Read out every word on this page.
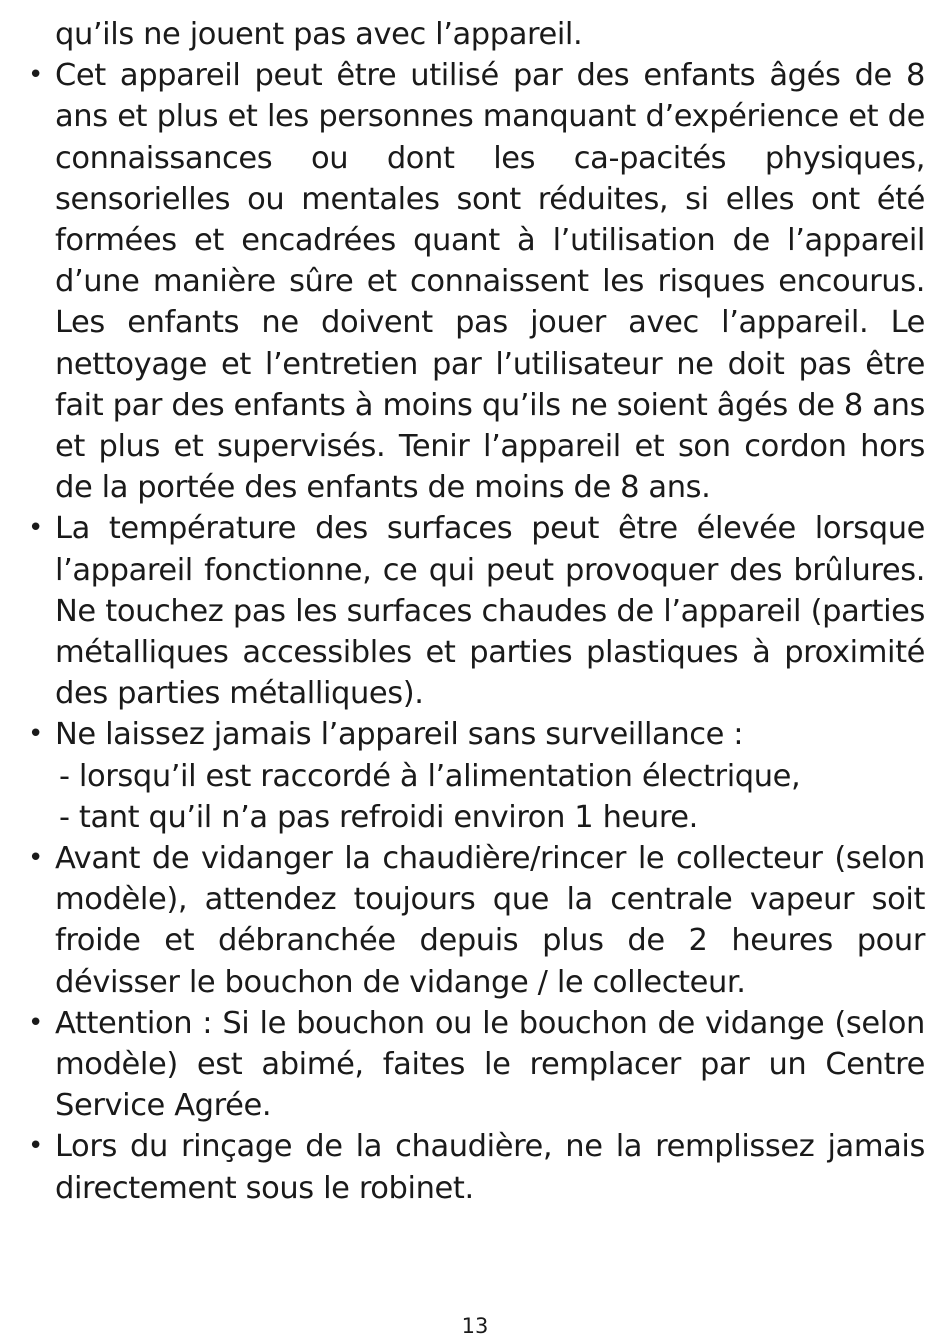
qu’ils ne jouent pas avec l’appareil.
• Cet appareil peut être utilisé par des enfants âgés de 8 ans et plus et les personnes manquant d’expérience et de connaissances ou dont les ca-pacités physiques, sensorielles ou mentales sont réduites, si elles ont été formées et encadrées quant à l’utilisation de l’appareil d’une manière sûre et connaissent les risques encourus. Les enfants ne doivent pas jouer avec l’appareil. Le nettoyage et l’entretien par l’utilisateur ne doit pas être fait par des enfants à moins qu’ils ne soient âgés de 8 ans et plus et supervisés. Tenir l’appareil et son cordon hors de la portée des enfants de moins de 8 ans.
• La température des surfaces peut être élevée lorsque l’appareil fonctionne, ce qui peut provoquer des brûlures. Ne touchez pas les surfaces chaudes de l’appareil (parties métalliques accessibles et parties plastiques à proximité des parties métalliques).
• Ne laissez jamais l’appareil sans surveillance :
- lorsqu’il est raccordé à l’alimentation électrique,
- tant qu’il n’a pas refroidi environ 1 heure.
• Avant de vidanger la chaudière/rincer le collecteur (selon modèle), attendez toujours que la centrale vapeur soit froide et débranchée depuis plus de 2 heures pour dévisser le bouchon de vidange / le collecteur.
• Attention : Si le bouchon ou le bouchon de vidange (selon modèle) est abimé, faites le remplacer par un Centre Service Agrée.
• Lors du rinçage de la chaudière, ne la remplissez jamais directement sous le robinet.
13
